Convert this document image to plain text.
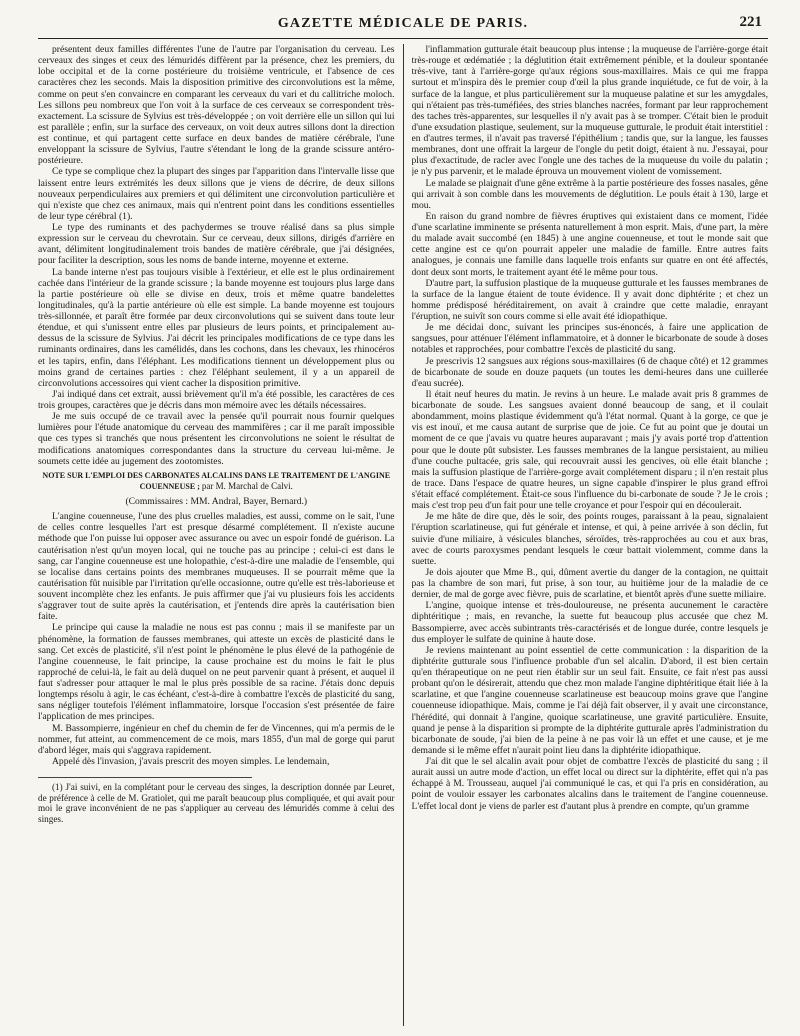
GAZETTE MÉDICALE DE PARIS.	221

présentent deux familles différentes l'une de l'autre par l'organisation du cerveau. Les cerveaux des singes et ceux des lémuridés diffèrent par la présence, chez les premiers, du lobe occipital et de la corne postérieure du troisième ventricule, et l'absence de ces caractères chez les seconds. Mais la disposition primitive des circonvolutions est la même, comme on peut s'en convaincre en comparant les cerveaux du vari et du callitriche moloch. Les sillons peu nombreux que l'on voit à la surface de ces cerveaux se correspondent très-exactement. La scissure de Sylvius est très-développée ; on voit derrière elle un sillon qui lui est parallèle ; enfin, sur la surface des cerveaux, on voit deux autres sillons dont la direction est continue, et qui partagent cette surface en deux bandes de matière cérébrale, l'une enveloppant la scissure de Sylvius, l'autre s'étendant le long de la grande scissure antéro-postérieure.

Ce type se complique chez la plupart des singes par l'apparition dans l'intervalle lisse que laissent entre leurs extrémités les deux sillons que je viens de décrire, de deux sillons nouveaux perpendiculaires aux premiers et qui délimitent une circonvolution particulière et qui n'existe que chez ces animaux, mais qui n'entrent point dans les conditions essentielles de leur type cérébral (1).

Le type des ruminants et des pachydermes se trouve réalisé dans sa plus simple expression sur le cerveau du chevrotain. Sur ce cerveau, deux sillons, dirigés d'arrière en avant, délimitent longitudinalement trois bandes de matière cérébrale, que j'ai désignées, pour faciliter la description, sous les noms de bande interne, moyenne et externe.

La bande interne n'est pas toujours visible à l'extérieur, et elle est le plus ordinairement cachée dans l'intérieur de la grande scissure ; la bande moyenne est toujours plus large dans la partie postérieure où elle se divise en deux, trois et même quatre bandelettes longitudinales, qu'à la partie antérieure où elle est simple. La bande moyenne est toujours très-sillonnée, et paraît être formée par deux circonvolutions qui se suivent dans toute leur étendue, et qui s'unissent entre elles par plusieurs de leurs points, et principalement au-dessus de la scissure de Sylvius. J'ai décrit les principales modifications de ce type dans les ruminants ordinaires, dans les camélidés, dans les cochons, dans les chevaux, les rhinocéros et les tapirs, enfin, dans l'éléphant. Les modifications tiennent un développement plus ou moins grand de certaines parties : chez l'éléphant seulement, il y a un appareil de circonvolutions accessoires qui vient cacher la disposition primitive.

J'ai indiqué dans cet extrait, aussi brièvement qu'il m'a été possible, les caractères de ces trois groupes, caractères que je décris dans mon mémoire avec les détails nécessaires.

Je me suis occupé de ce travail avec la pensée qu'il pourrait nous fournir quelques lumières pour l'étude anatomique du cerveau des mammifères ; car il me paraît impossible que ces types si tranchés que nous présentent les circonvolutions ne soient le résultat de modifications anatomiques correspondantes dans la structure du cerveau lui-même. Je soumets cette idée au jugement des zootomistes.

NOTE SUR L'EMPLOI DES CARBONATES ALCALINS DANS LE TRAITEMENT DE L'ANGINE COUENNEUSE ; par M. Marchal de Calvi.

(Commissaires : MM. Andral, Bayer, Bernard.)

L'angine couenneuse, l'une des plus cruelles maladies, est aussi, comme on le sait, l'une de celles contre lesquelles l'art est presque désarmé complétement. Il n'existe aucune méthode que l'on puisse lui opposer avec assurance ou avec un espoir fondé de guérison. La cautérisation n'est qu'un moyen local, qui ne touche pas au principe ; celui-ci est dans le sang, car l'angine couenneuse est une holopathie, c'est-à-dire une maladie de l'ensemble, qui se localise dans certains points des membranes muqueuses. Il se pourrait même que la cautérisation fût nuisible par l'irritation qu'elle occasionne, outre qu'elle est très-laborieuse et souvent incomplète chez les enfants. Je puis affirmer que j'ai vu plusieurs fois les accidents s'aggraver tout de suite après la cautérisation, et j'entends dire après la cautérisation bien faite.

Le principe qui cause la maladie ne nous est pas connu ; mais il se manifeste par un phénomène, la formation de fausses membranes, qui atteste un excès de plasticité dans le sang. Cet excès de plasticité, s'il n'est point le phénomène le plus élevé de la pathogénie de l'angine couenneuse, le fait principe, la cause prochaine est du moins le fait le plus rapproché de celui-là, le fait au delà duquel on ne peut parvenir quant à présent, et auquel il faut s'adresser pour attaquer le mal le plus près possible de sa racine. J'étais donc depuis longtemps résolu à agir, le cas échéant, c'est-à-dire à combattre l'excès de plasticité du sang, sans négliger toutefois l'élément inflammatoire, lorsque l'occasion s'est présentée de faire l'application de mes principes.

M. Bassompierre, ingénieur en chef du chemin de fer de Vincennes, qui m'a permis de le nommer, fut atteint, au commencement de ce mois, mars 1855, d'un mal de gorge qui parut d'abord léger, mais qui s'aggrava rapidement.

Appelé dès l'invasion, j'avais prescrit des moyen simples. Le lendemain,

(1) J'ai suivi, en la complétant pour le cerveau des singes, la description donnée par Leuret, de préférence à celle de M. Gratiolet, qui me paraît beaucoup plus compliquée, et qui avait pour moi le grave inconvénient de ne pas s'appliquer au cerveau des lémuridés comme à celui des singes.

l'inflammation gutturale était beaucoup plus intense ; la muqueuse de l'arrière-gorge était très-rouge et œdématiée ; la déglutition était extrêmement pénible, et la douleur spontanée très-vive, tant à l'arrière-gorge qu'aux régions sous-maxillaires. Mais ce qui me frappa surtout et m'inspira dès le premier coup d'œil la plus grande inquiétude, ce fut de voir, à la surface de la langue, et plus particulièrement sur la muqueuse palatine et sur les amygdales, qui n'étaient pas très-tuméfiées, des stries blanches nacrées, formant par leur rapprochement des taches très-apparentes, sur lesquelles il n'y avait pas à se tromper. C'était bien le produit d'une exsudation plastique, seulement, sur la muqueuse gutturale, le produit était interstitiel : en d'autres termes, il n'avait pas traversé l'épithélium ; tandis que, sur la langue, les fausses membranes, dont une offrait la largeur de l'ongle du petit doigt, étaient à nu. J'essayai, pour plus d'exactitude, de racler avec l'ongle une des taches de la muqueuse du voile du palatin ; je n'y pus parvenir, et le malade éprouva un mouvement violent de vomissement.

Le malade se plaignait d'une gêne extrême à la partie postérieure des fosses nasales, gêne qui arrivait à son comble dans les mouvements de déglutition. Le pouls était à 130, large et mou.

En raison du grand nombre de fièvres éruptives qui existaient dans ce moment, l'idée d'une scarlatine imminente se présenta naturellement à mon esprit. Mais, d'une part, la mère du malade avait succombé (en 1845) à une angine couenneuse, et tout le monde sait que cette angine est ce qu'on pourrait appeler une maladie de famille. Entre autres faits analogues, je connais une famille dans laquelle trois enfants sur quatre en ont été affectés, dont deux sont morts, le traitement ayant été le même pour tous.

D'autre part, la suffusion plastique de la muqueuse gutturale et les fausses membranes de la surface de la langue étaient de toute évidence. Il y avait donc diphtérite ; et chez un homme prédisposé héréditairement, on avait à craindre que cette maladie, enrayant l'éruption, ne suivît son cours comme si elle avait été idiopathique.

Je me décidai donc, suivant les principes sus-énoncés, à faire une application de sangsues, pour atténuer l'élément inflammatoire, et à donner le bicarbonate de soude à doses notables et rapprochées, pour combattre l'excès de plasticité du sang.

Je prescrivis 12 sangsues aux régions sous-maxillaires (6 de chaque côté) et 12 grammes de bicarbonate de soude en douze paquets (un toutes les demi-heures dans une cuillerée d'eau sucrée).

Il était neuf heures du matin. Je revins à un heure. Le malade avait pris 8 grammes de bicarbonate de soude. Les sangsues avaient donné beaucoup de sang, et il coulait abondamment, moins plastique évidemment qu'à l'état normal. Quant à la gorge, ce que je vis est inouï, et me causa autant de surprise que de joie. Ce fut au point que je doutai un moment de ce que j'avais vu quatre heures auparavant ; mais j'y avais porté trop d'attention pour que le doute pût subsister. Les fausses membranes de la langue persistaient, au milieu d'une couche pultacée, gris sale, qui recouvrait aussi les gencives, où elle était blanche ; mais la suffusion plastique de l'arrière-gorge avait complétement disparu ; il n'en restait plus de trace. Dans l'espace de quatre heures, un signe capable d'inspirer le plus grand effroi s'était effacé complétement. Était-ce sous l'influence du bi-carbonate de soude ? Je le crois ; mais c'est trop peu d'un fait pour une telle croyance et pour l'espoir qui en découlerait.

Je me hâte de dire que, dès le soir, des points rouges, paraissant à la peau, signalaient l'éruption scarlatineuse, qui fut générale et intense, et qui, à peine arrivée à son déclin, fut suivie d'une miliaire, à vésicules blanches, séroïdes, très-rapprochées au cou et aux bras, avec de courts paroxysmes pendant lesquels le cœur battait violemment, comme dans la suette.

Je dois ajouter que Mme B., qui, dûment avertie du danger de la contagion, ne quittait pas la chambre de son mari, fut prise, à son tour, au huitième jour de la maladie de ce dernier, de mal de gorge avec fièvre, puis de scarlatine, et bientôt après d'une suette miliaire.

L'angine, quoique intense et très-douloureuse, ne présenta aucunement le caractère diphtéritique ; mais, en revanche, la suette fut beaucoup plus accusée que chez M. Bassompierre, avec accès subintrants très-caractérisés et de longue durée, contre lesquels je dus employer le sulfate de quinine à haute dose.

Je reviens maintenant au point essentiel de cette communication : la disparition de la diphtérite gutturale sous l'influence probable d'un sel alcalin. D'abord, il est bien certain qu'en thérapeutique on ne peut rien établir sur un seul fait. Ensuite, ce fait n'est pas aussi probant qu'on le désirerait, attendu que chez mon malade l'angine diphtéritique était liée à la scarlatine, et que l'angine couenneuse scarlatineuse est beaucoup moins grave que l'angine couenneuse idiopathique. Mais, comme je l'ai déjà fait observer, il y avait une circonstance, l'hérédité, qui donnait à l'angine, quoique scarlatineuse, une gravité particulière. Ensuite, quand je pense à la disparition si prompte de la diphtérite gutturale après l'administration du bicarbonate de soude, j'ai bien de la peine à ne pas voir là un effet et une cause, et je me demande si le même effet n'aurait point lieu dans la diphtérite idiopathique.

J'ai dit que le sel alcalin avait pour objet de combattre l'excès de plasticité du sang ; il aurait aussi un autre mode d'action, un effet local ou direct sur la diphtérite, effet qui n'a pas échappé à M. Trousseau, auquel j'ai communiqué le cas, et qui l'a pris en considération, au point de vouloir essayer les carbonates alcalins dans le traitement de l'angine couenneuse. L'effet local dont je viens de parler est d'autant plus à prendre en compte, qu'un gramme
